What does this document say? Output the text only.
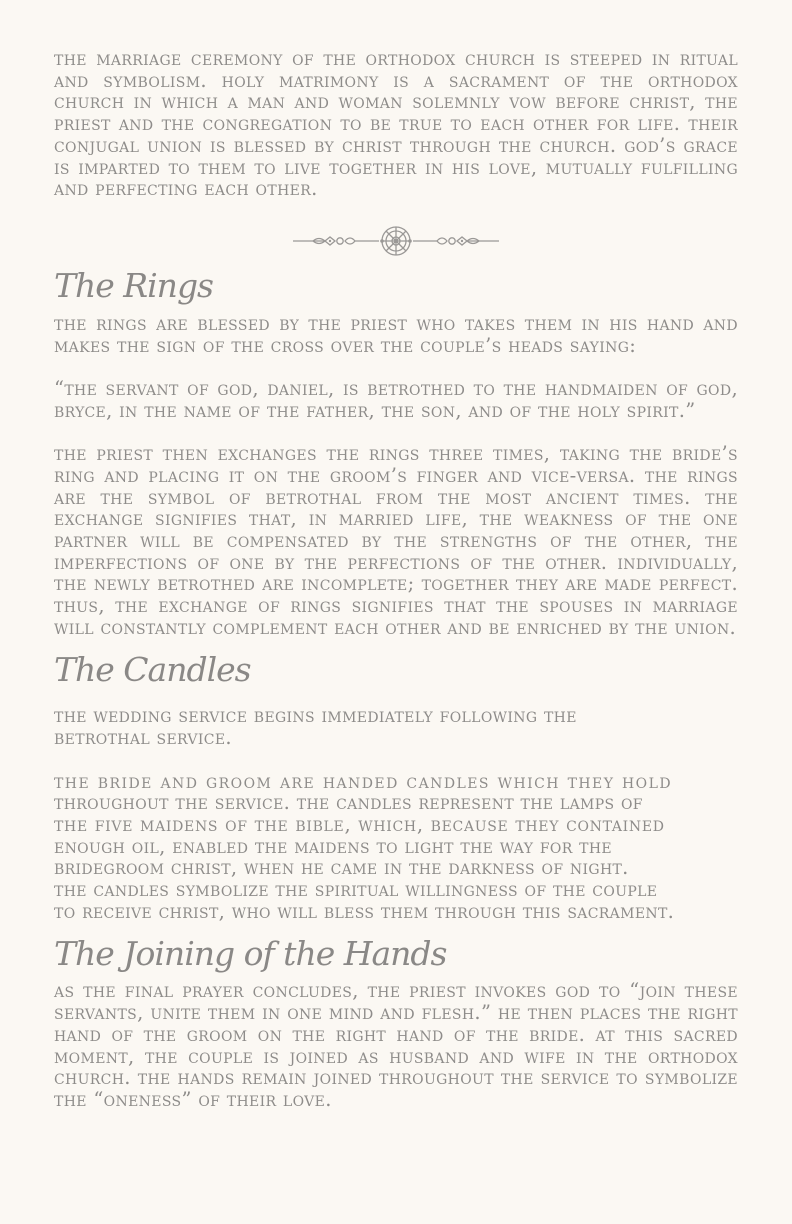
the marriage ceremony of the orthodox church is steeped in ritual and symbolism. holy matrimony is a sacrament of the orthodox church in which a man and woman solemnly vow before christ, the priest and the congregation to be true to each other for life. their conjugal union is blessed by christ through the church. god’s grace is imparted to them to live together in his love, mutually fulfilling and perfecting each other.

The Rings

the rings are blessed by the priest who takes them in his hand and makes the sign of the cross over the couple’s heads saying:

“the servant of god, daniel, is betrothed to the handmaiden of god, bryce, in the name of the father, the son, and of the holy spirit.”

the priest then exchanges the rings three times, taking the bride’s ring and placing it on the groom’s finger and vice-versa. the rings are the symbol of betrothal from the most ancient times. the exchange signifies that, in married life, the weakness of the one partner will be compensated by the strengths of the other, the imperfections of one by the perfections of the other. individually, the newly betrothed are incomplete; together they are made perfect. thus, the exchange of rings signifies that the spouses in marriage will constantly complement each other and be enriched by the union.

The Candles

the wedding service begins immediately following the
betrothal service.

the bride and groom are handed candles which they hold
throughout the service. the candles represent the lamps of
the five maidens of the bible, which, because they contained
enough oil, enabled the maidens to light the way for the
bridegroom christ, when he came in the darkness of night.
the candles symbolize the spiritual willingness of the couple
to receive christ, who will bless them through this sacrament.

The Joining of the Hands

as the final prayer concludes, the priest invokes god to “join these servants, unite them in one mind and flesh.” he then places the right hand of the groom on the right hand of the bride. at this sacred moment, the couple is joined as husband and wife in the orthodox church. the hands remain joined throughout the service to symbolize the “oneness” of their love.
